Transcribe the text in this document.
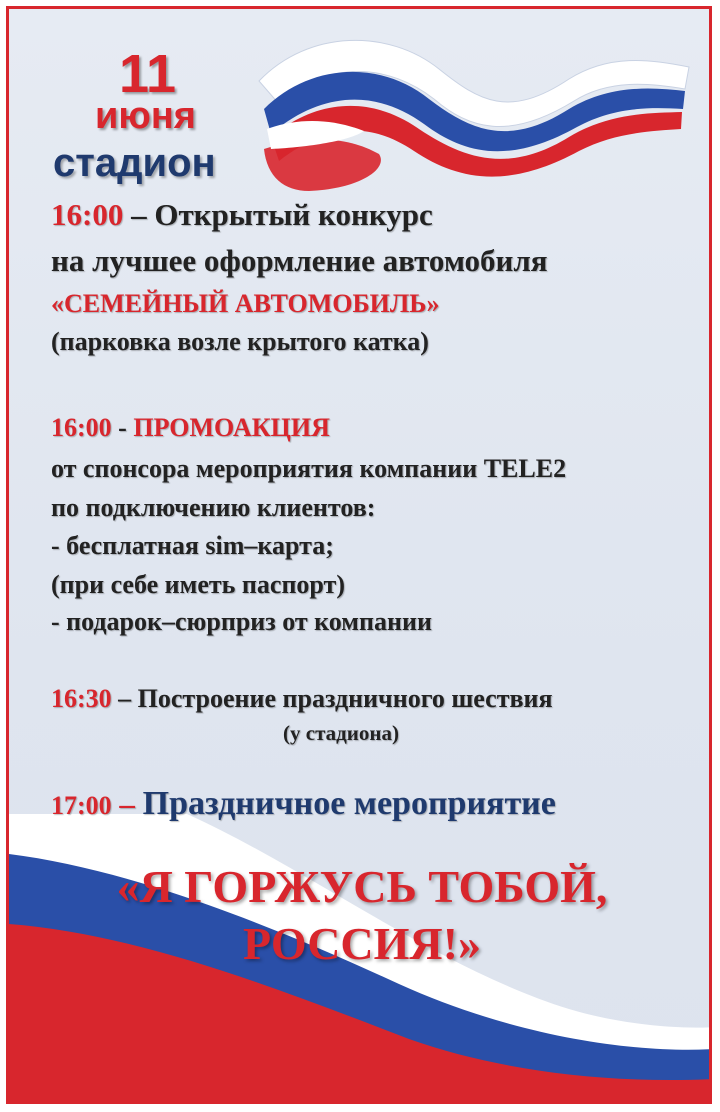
11
июня
стадион
16:00 – Открытый конкурс
на лучшее оформление автомобиля
«СЕМЕЙНЫЙ АВТОМОБИЛЬ»
(парковка возле крытого катка)
16:00 - ПРОМОАКЦИЯ
от спонсора мероприятия компании TELE2
по подключению клиентов:
- бесплатная sim–карта;
(при себе иметь паспорт)
- подарок–сюрприз от компании
16:30 – Построение праздничного шествия
(у стадиона)
17:00 – Праздничное мероприятие
«Я ГОРЖУСЬ ТОБОЙ,
РОССИЯ!»
